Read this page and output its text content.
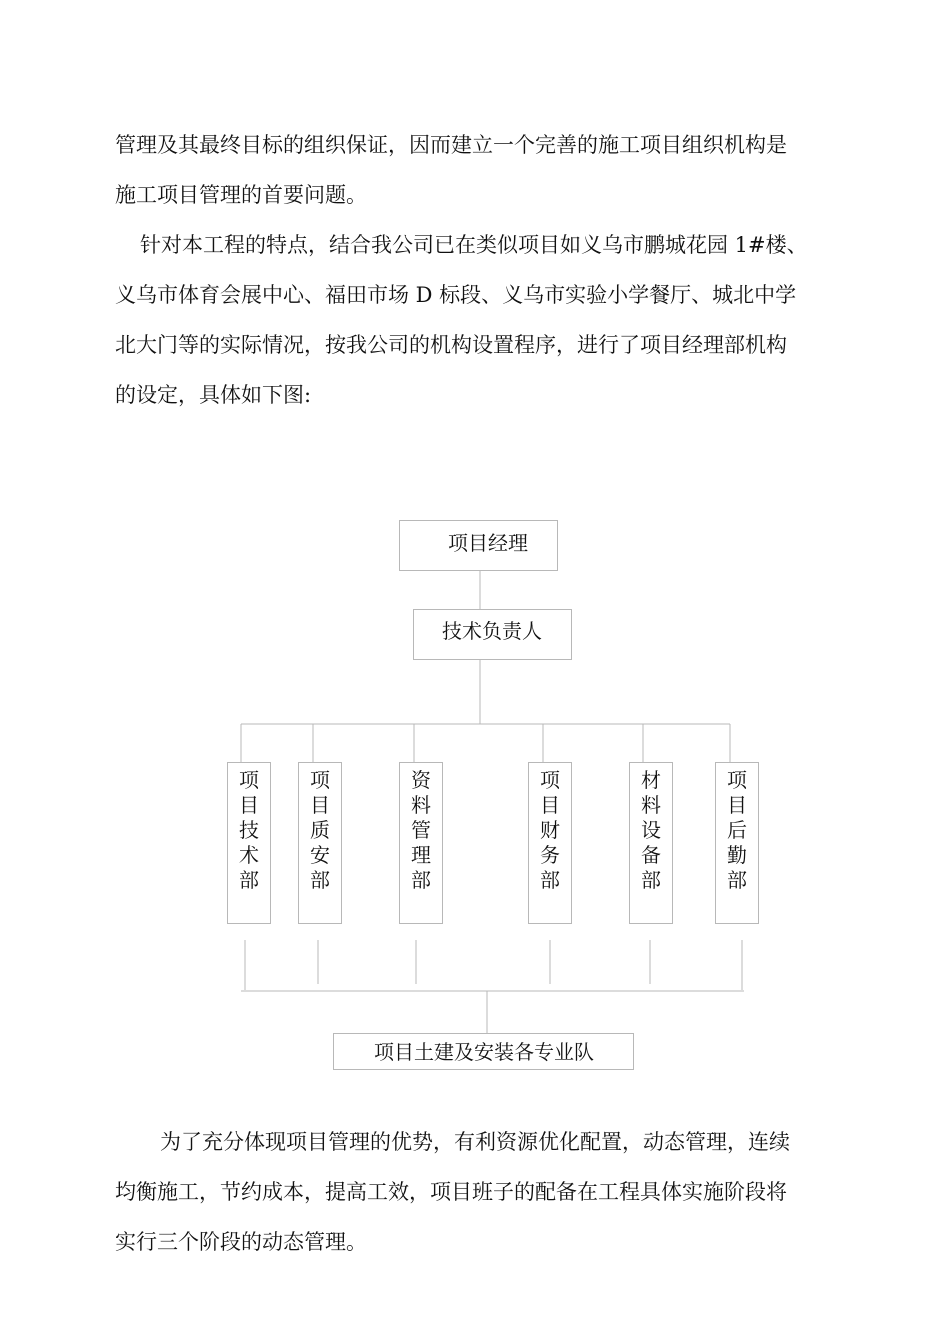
管理及其最终目标的组织保证，因而建立一个完善的施工项目组织机构是
施工项目管理的首要问题。
针对本工程的特点，结合我公司已在类似项目如义乌市鹏城花园 1#楼、
义乌市体育会展中心、福田市场 D 标段、义乌市实验小学餐厅、城北中学
北大门等的实际情况，按我公司的机构设置程序，进行了项目经理部机构
的设定，具体如下图:
项目经理
技术负责人
项目土建及安装各专业队
项目技术部
项目质安部
资料管理部
项目财务部
材料设备部
项目后勤部
为了充分体现项目管理的优势，有利资源优化配置，动态管理，连续
均衡施工，节约成本，提高工效，项目班子的配备在工程具体实施阶段将
实行三个阶段的动态管理。
